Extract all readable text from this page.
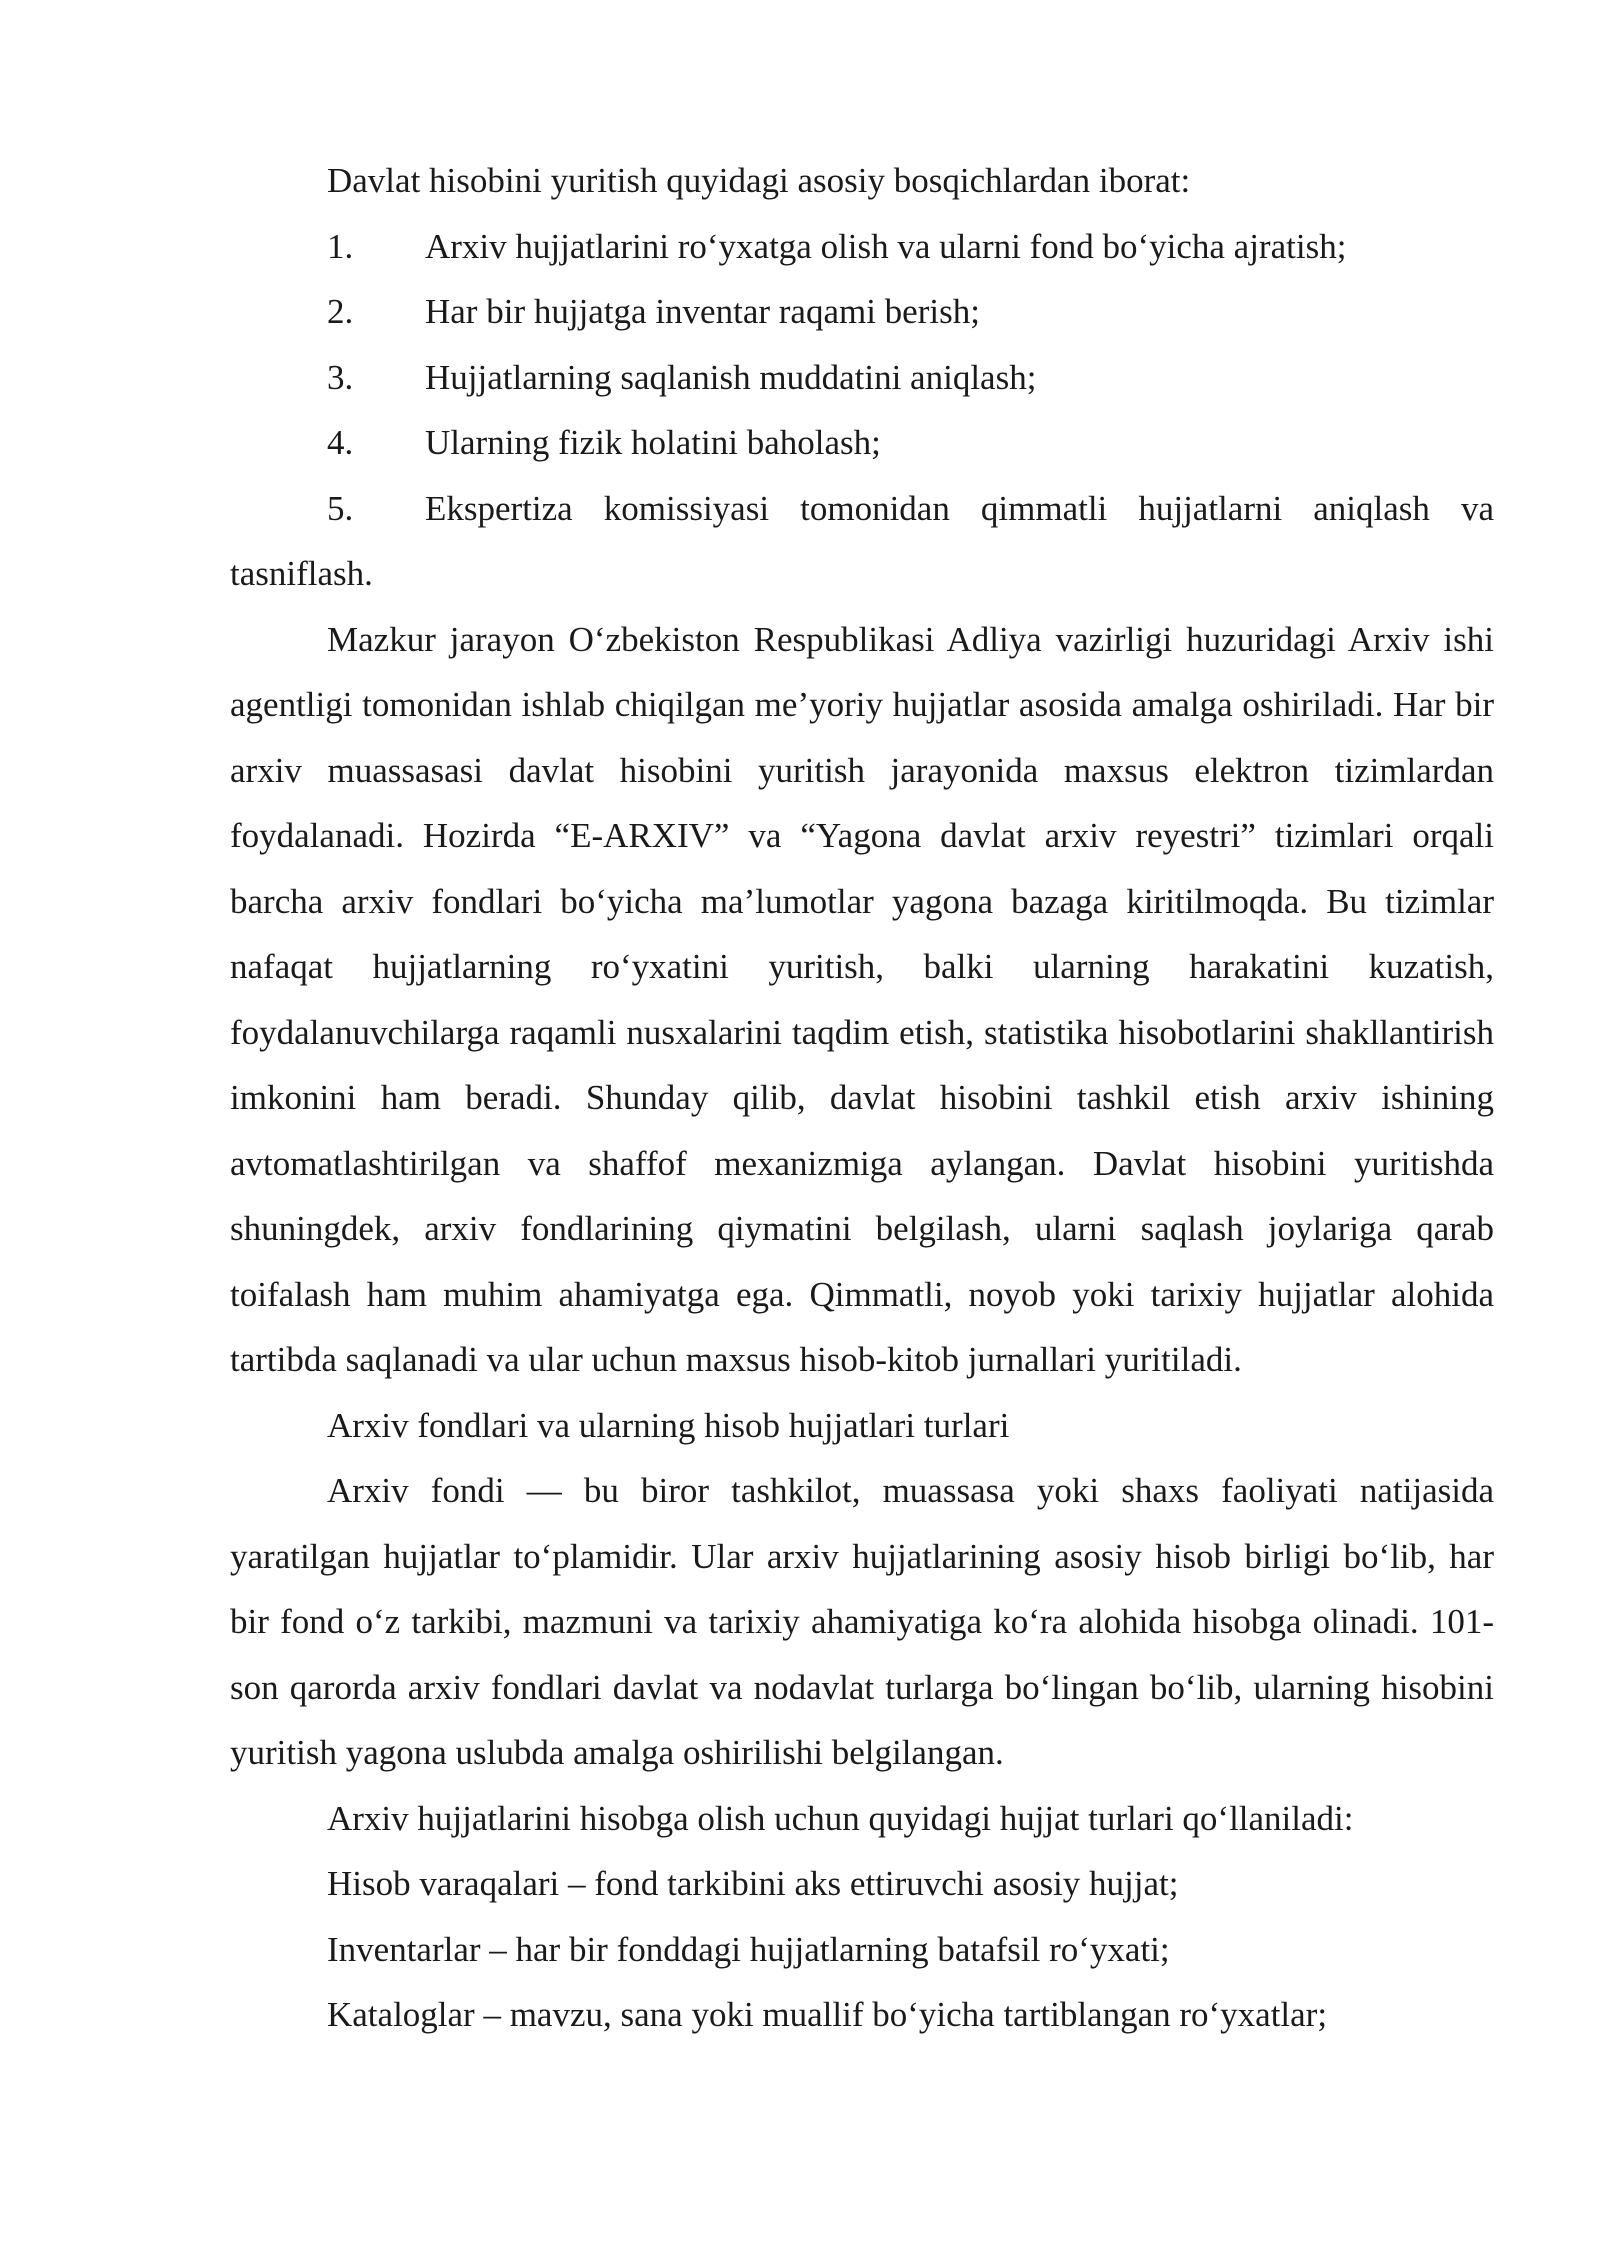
Davlat hisobini yuritish quyidagi asosiy bosqichlardan iborat:

1.	Arxiv hujjatlarini ro‘yxatga olish va ularni fond bo‘yicha ajratish;
2.	Har bir hujjatga inventar raqami berish;
3.	Hujjatlarning saqlanish muddatini aniqlash;
4.	Ularning fizik holatini baholash;

5. Ekspertiza komissiyasi tomonidan qimmatli hujjatlarni aniqlash va tasniflash.

Mazkur jarayon O‘zbekiston Respublikasi Adliya vazirligi huzuridagi Arxiv ishi agentligi tomonidan ishlab chiqilgan me’yoriy hujjatlar asosida amalga oshiriladi. Har bir arxiv muassasasi davlat hisobini yuritish jarayonida maxsus elektron tizimlardan foydalanadi. Hozirda “E-ARXIV” va “Yagona davlat arxiv reyestri” tizimlari orqali barcha arxiv fondlari bo‘yicha ma’lumotlar yagona bazaga kiritilmoqda. Bu tizimlar nafaqat hujjatlarning ro‘yxatini yuritish, balki ularning harakatini kuzatish, foydalanuvchilarga raqamli nusxalarini taqdim etish, statistika hisobotlarini shakllantirish imkonini ham beradi. Shunday qilib, davlat hisobini tashkil etish arxiv ishining avtomatlashtirilgan va shaffof mexanizmiga aylangan. Davlat hisobini yuritishda shuningdek, arxiv fondlarining qiymatini belgilash, ularni saqlash joylariga qarab toifalash ham muhim ahamiyatga ega. Qimmatli, noyob yoki tarixiy hujjatlar alohida tartibda saqlanadi va ular uchun maxsus hisob-kitob jurnallari yuritiladi.

Arxiv fondlari va ularning hisob hujjatlari turlari

Arxiv fondi — bu biror tashkilot, muassasa yoki shaxs faoliyati natijasida yaratilgan hujjatlar to‘plamidir. Ular arxiv hujjatlarining asosiy hisob birligi bo‘lib, har bir fond o‘z tarkibi, mazmuni va tarixiy ahamiyatiga ko‘ra alohida hisobga olinadi. 101-son qarorda arxiv fondlari davlat va nodavlat turlarga bo‘lingan bo‘lib, ularning hisobini yuritish yagona uslubda amalga oshirilishi belgilangan.

Arxiv hujjatlarini hisobga olish uchun quyidagi hujjat turlari qo‘llaniladi:

Hisob varaqalari – fond tarkibini aks ettiruvchi asosiy hujjat;

Inventarlar – har bir fonddagi hujjatlarning batafsil ro‘yxati;

Kataloglar – mavzu, sana yoki muallif bo‘yicha tartiblangan ro‘yxatlar;
